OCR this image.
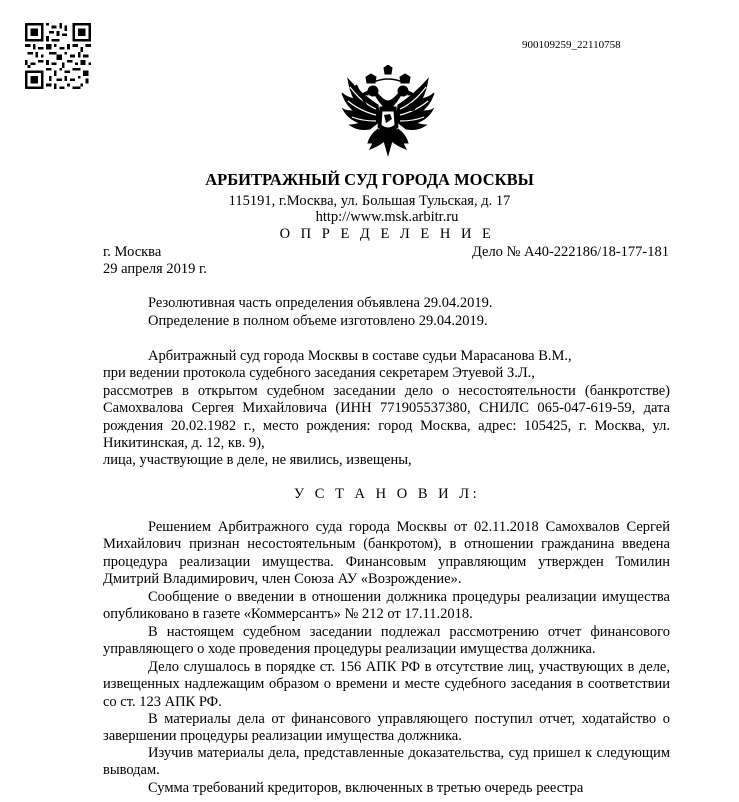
900109259_22110758
АРБИТРАЖНЫЙ СУД ГОРОДА МОСКВЫ
115191, г.Москва, ул. Большая Тульская, д. 17
http://www.msk.arbitr.ru
О П Р Е Д Е Л Е Н И Е
г. Москва	Дело № А40-222186/18-177-181
29 апреля 2019 г.
Резолютивная часть определения объявлена 29.04.2019.
Определение в полном объеме изготовлено 29.04.2019.
Арбитражный суд города Москвы в составе судьи Марасанова В.М.,
при ведении протокола судебного заседания секретарем Этуевой З.Л.,
рассмотрев в открытом судебном заседании дело о несостоятельности (банкротстве) Самохвалова Сергея Михайловича (ИНН 771905537380, СНИЛС 065-047-619-59, дата рождения 20.02.1982 г., место рождения: город Москва, адрес: 105425, г. Москва, ул. Никитинская, д. 12, кв. 9),
лица, участвующие в деле, не явились, извещены,
У С Т А Н О В И Л:
Решением Арбитражного суда города Москвы от 02.11.2018 Самохвалов Сергей Михайлович признан несостоятельным (банкротом), в отношении гражданина введена процедура реализации имущества. Финансовым управляющим утвержден Томилин Дмитрий Владимирович, член Союза АУ «Возрождение».
Сообщение о введении в отношении должника процедуры реализации имущества опубликовано в газете «Коммерсантъ» № 212 от 17.11.2018.
В настоящем судебном заседании подлежал рассмотрению отчет финансового управляющего о ходе проведения процедуры реализации имущества должника.
Дело слушалось в порядке ст. 156 АПК РФ в отсутствие лиц, участвующих в деле, извещенных надлежащим образом о времени и месте судебного заседания в соответствии со ст. 123 АПК РФ.
В материалы дела от финансового управляющего поступил отчет, ходатайство о завершении процедуры реализации имущества должника.
Изучив материалы дела, представленные доказательства, суд пришел к следующим выводам.
Сумма требований кредиторов, включенных в третью очередь реестра
